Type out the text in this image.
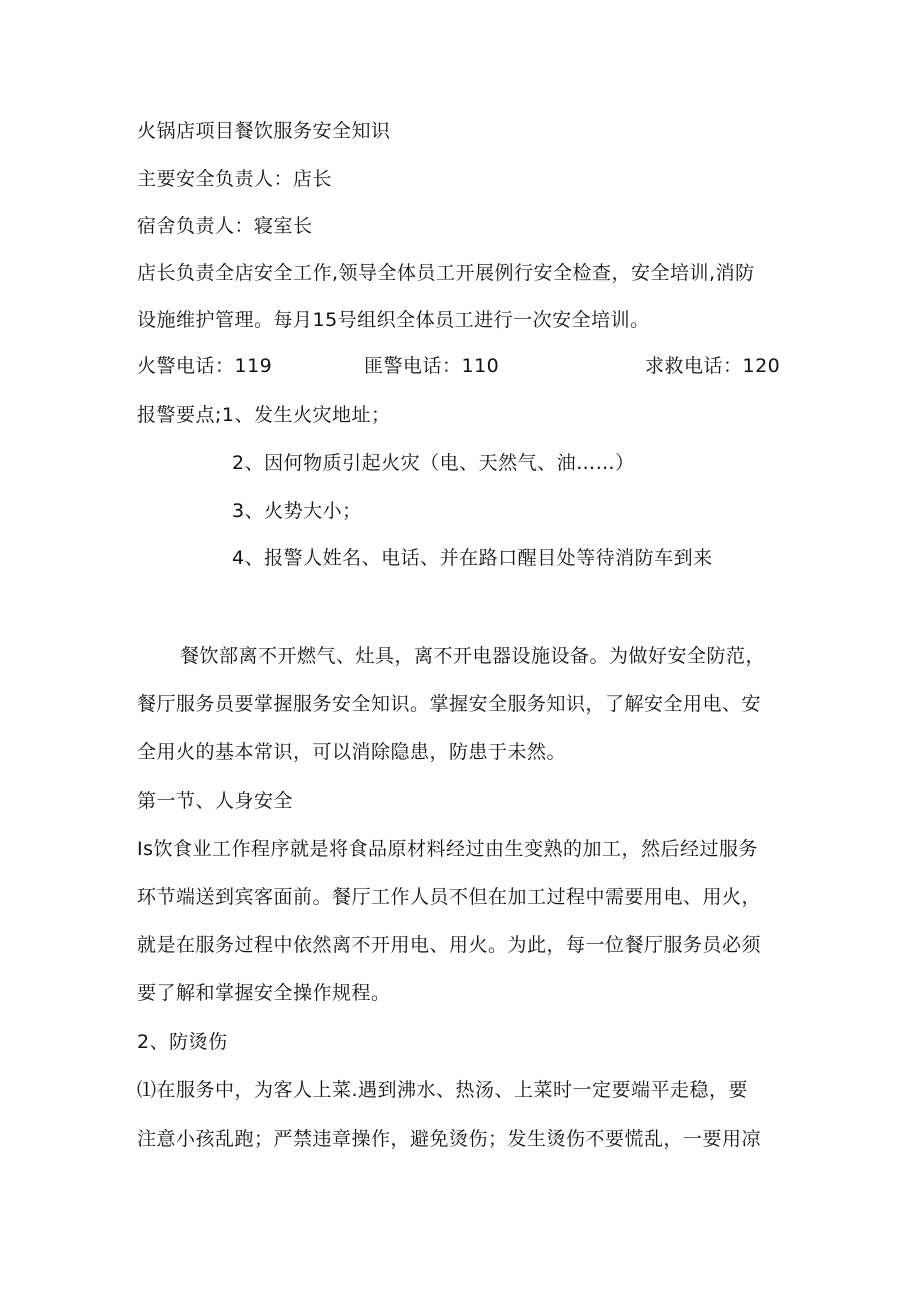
火锅店项目餐饮服务安全知识
主要安全负责人：店长
宿舍负责人：寝室长
店长负责全店安全工作,领导全体员工开展例行安全检查，安全培训,消防
设施维护管理。每月15号组织全体员工进行一次安全培训。
火警电话：119	匪警电话：110	求救电话：120
报警要点;1、发生火灾地址；
2、因何物质引起火灾（电、天然气、油……）
3、火势大小；
4、报警人姓名、电话、并在路口醒目处等待消防车到来
餐饮部离不开燃气、灶具，离不开电器设施设备。为做好安全防范，
餐厅服务员要掌握服务安全知识。掌握安全服务知识，了解安全用电、安
全用火的基本常识，可以消除隐患，防患于未然。
第一节、人身安全
Is饮食业工作程序就是将食品原材料经过由生变熟的加工，然后经过服务
环节端送到宾客面前。餐厅工作人员不但在加工过程中需要用电、用火，
就是在服务过程中依然离不开用电、用火。为此，每一位餐厅服务员必须
要了解和掌握安全操作规程。
2、防烫伤
⑴在服务中，为客人上菜.遇到沸水、热汤、上菜时一定要端平走稳，要
注意小孩乱跑；严禁违章操作，避免烫伤；发生烫伤不要慌乱，一要用凉
